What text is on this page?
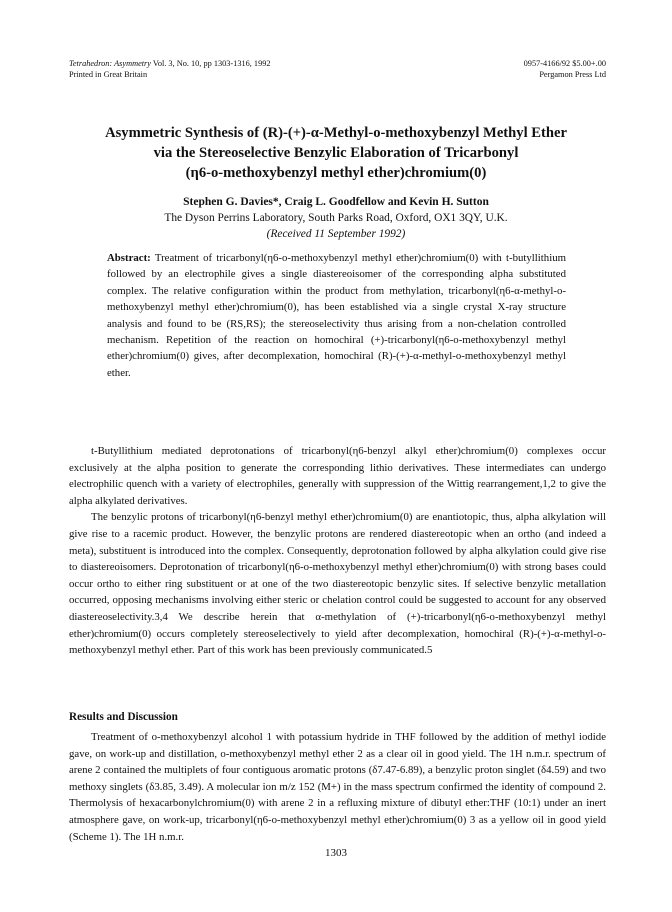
Tetrahedron: Asymmetry Vol. 3, No. 10, pp 1303-1316, 1992
Printed in Great Britain
0957-4166/92 $5.00+.00
Pergamon Press Ltd
Asymmetric Synthesis of (R)-(+)-α-Methyl-o-methoxybenzyl Methyl Ether
via the Stereoselective Benzylic Elaboration of Tricarbonyl
(η6-o-methoxybenzyl methyl ether)chromium(0)
Stephen G. Davies*, Craig L. Goodfellow and Kevin H. Sutton
The Dyson Perrins Laboratory, South Parks Road, Oxford, OX1 3QY, U.K.
(Received 11 September 1992)
Abstract: Treatment of tricarbonyl(η6-o-methoxybenzyl methyl ether)chromium(0) with t-butyllithium followed by an electrophile gives a single diastereoisomer of the corresponding alpha substituted complex. The relative configuration within the product from methylation, tricarbonyl(η6-α-methyl-o-methoxybenzyl methyl ether)chromium(0), has been established via a single crystal X-ray structure analysis and found to be (RS,RS); the stereoselectivity thus arising from a non-chelation controlled mechanism. Repetition of the reaction on homochiral (+)-tricarbonyl(η6-o-methoxybenzyl methyl ether)chromium(0) gives, after decomplexation, homochiral (R)-(+)-α-methyl-o-methoxybenzyl methyl ether.

t-Butyllithium mediated deprotonations of tricarbonyl(η6-benzyl alkyl ether)chromium(0) complexes occur exclusively at the alpha position to generate the corresponding lithio derivatives. These intermediates can undergo electrophilic quench with a variety of electrophiles, generally with suppression of the Wittig rearrangement,1,2 to give the alpha alkylated derivatives.

The benzylic protons of tricarbonyl(η6-benzyl methyl ether)chromium(0) are enantiotopic, thus, alpha alkylation will give rise to a racemic product. However, the benzylic protons are rendered diastereotopic when an ortho (and indeed a meta), substituent is introduced into the complex. Consequently, deprotonation followed by alpha alkylation could give rise to diastereoisomers. Deprotonation of tricarbonyl(η6-o-methoxybenzyl methyl ether)chromium(0) with strong bases could occur ortho to either ring substituent or at one of the two diastereotopic benzylic sites. If selective benzylic metallation occurred, opposing mechanisms involving either steric or chelation control could be suggested to account for any observed diastereoselectivity.3,4 We describe herein that α-methylation of (+)-tricarbonyl(η6-o-methoxybenzyl methyl ether)chromium(0) occurs completely stereoselectively to yield after decomplexation, homochiral (R)-(+)-α-methyl-o-methoxybenzyl methyl ether. Part of this work has been previously communicated.5

Results and Discussion

Treatment of o-methoxybenzyl alcohol 1 with potassium hydride in THF followed by the addition of methyl iodide gave, on work-up and distillation, o-methoxybenzyl methyl ether 2 as a clear oil in good yield. The 1H n.m.r. spectrum of arene 2 contained the multiplets of four contiguous aromatic protons (δ7.47-6.89), a benzylic proton singlet (δ4.59) and two methoxy singlets (δ3.85, 3.49). A molecular ion m/z 152 (M+) in the mass spectrum confirmed the identity of compound 2. Thermolysis of hexacarbonylchromium(0) with arene 2 in a refluxing mixture of dibutyl ether:THF (10:1) under an inert atmosphere gave, on work-up, tricarbonyl(η6-o-methoxybenzyl methyl ether)chromium(0) 3 as a yellow oil in good yield (Scheme 1). The 1H n.m.r.

1303
